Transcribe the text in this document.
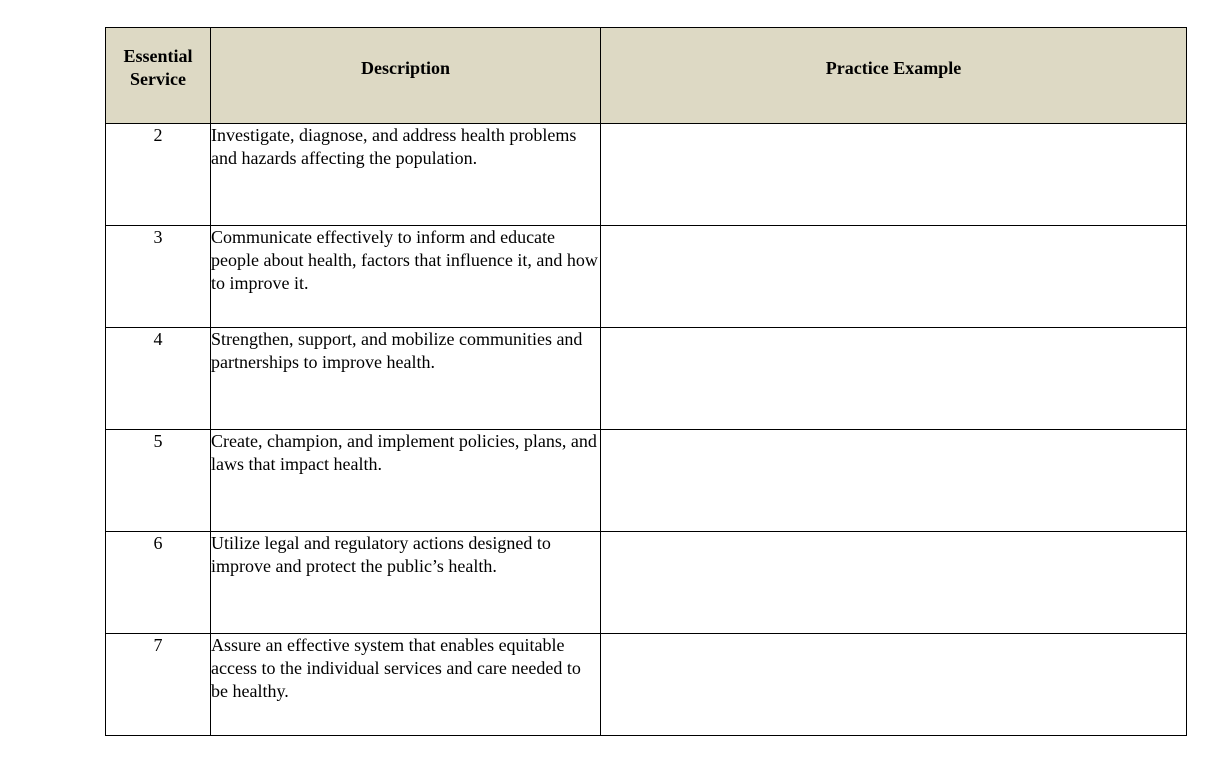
Essential Service	Description	Practice Example

2	Investigate, diagnose, and address health problems and hazards affecting the population.	
3	Communicate effectively to inform and educate people about health, factors that influence it, and how to improve it.	
4	Strengthen, support, and mobilize communities and partnerships to improve health.	
5	Create, champion, and implement policies, plans, and laws that impact health.	
6	Utilize legal and regulatory actions designed to improve and protect the public’s health.	
7	Assure an effective system that enables equitable access to the individual services and care needed to be healthy.	
